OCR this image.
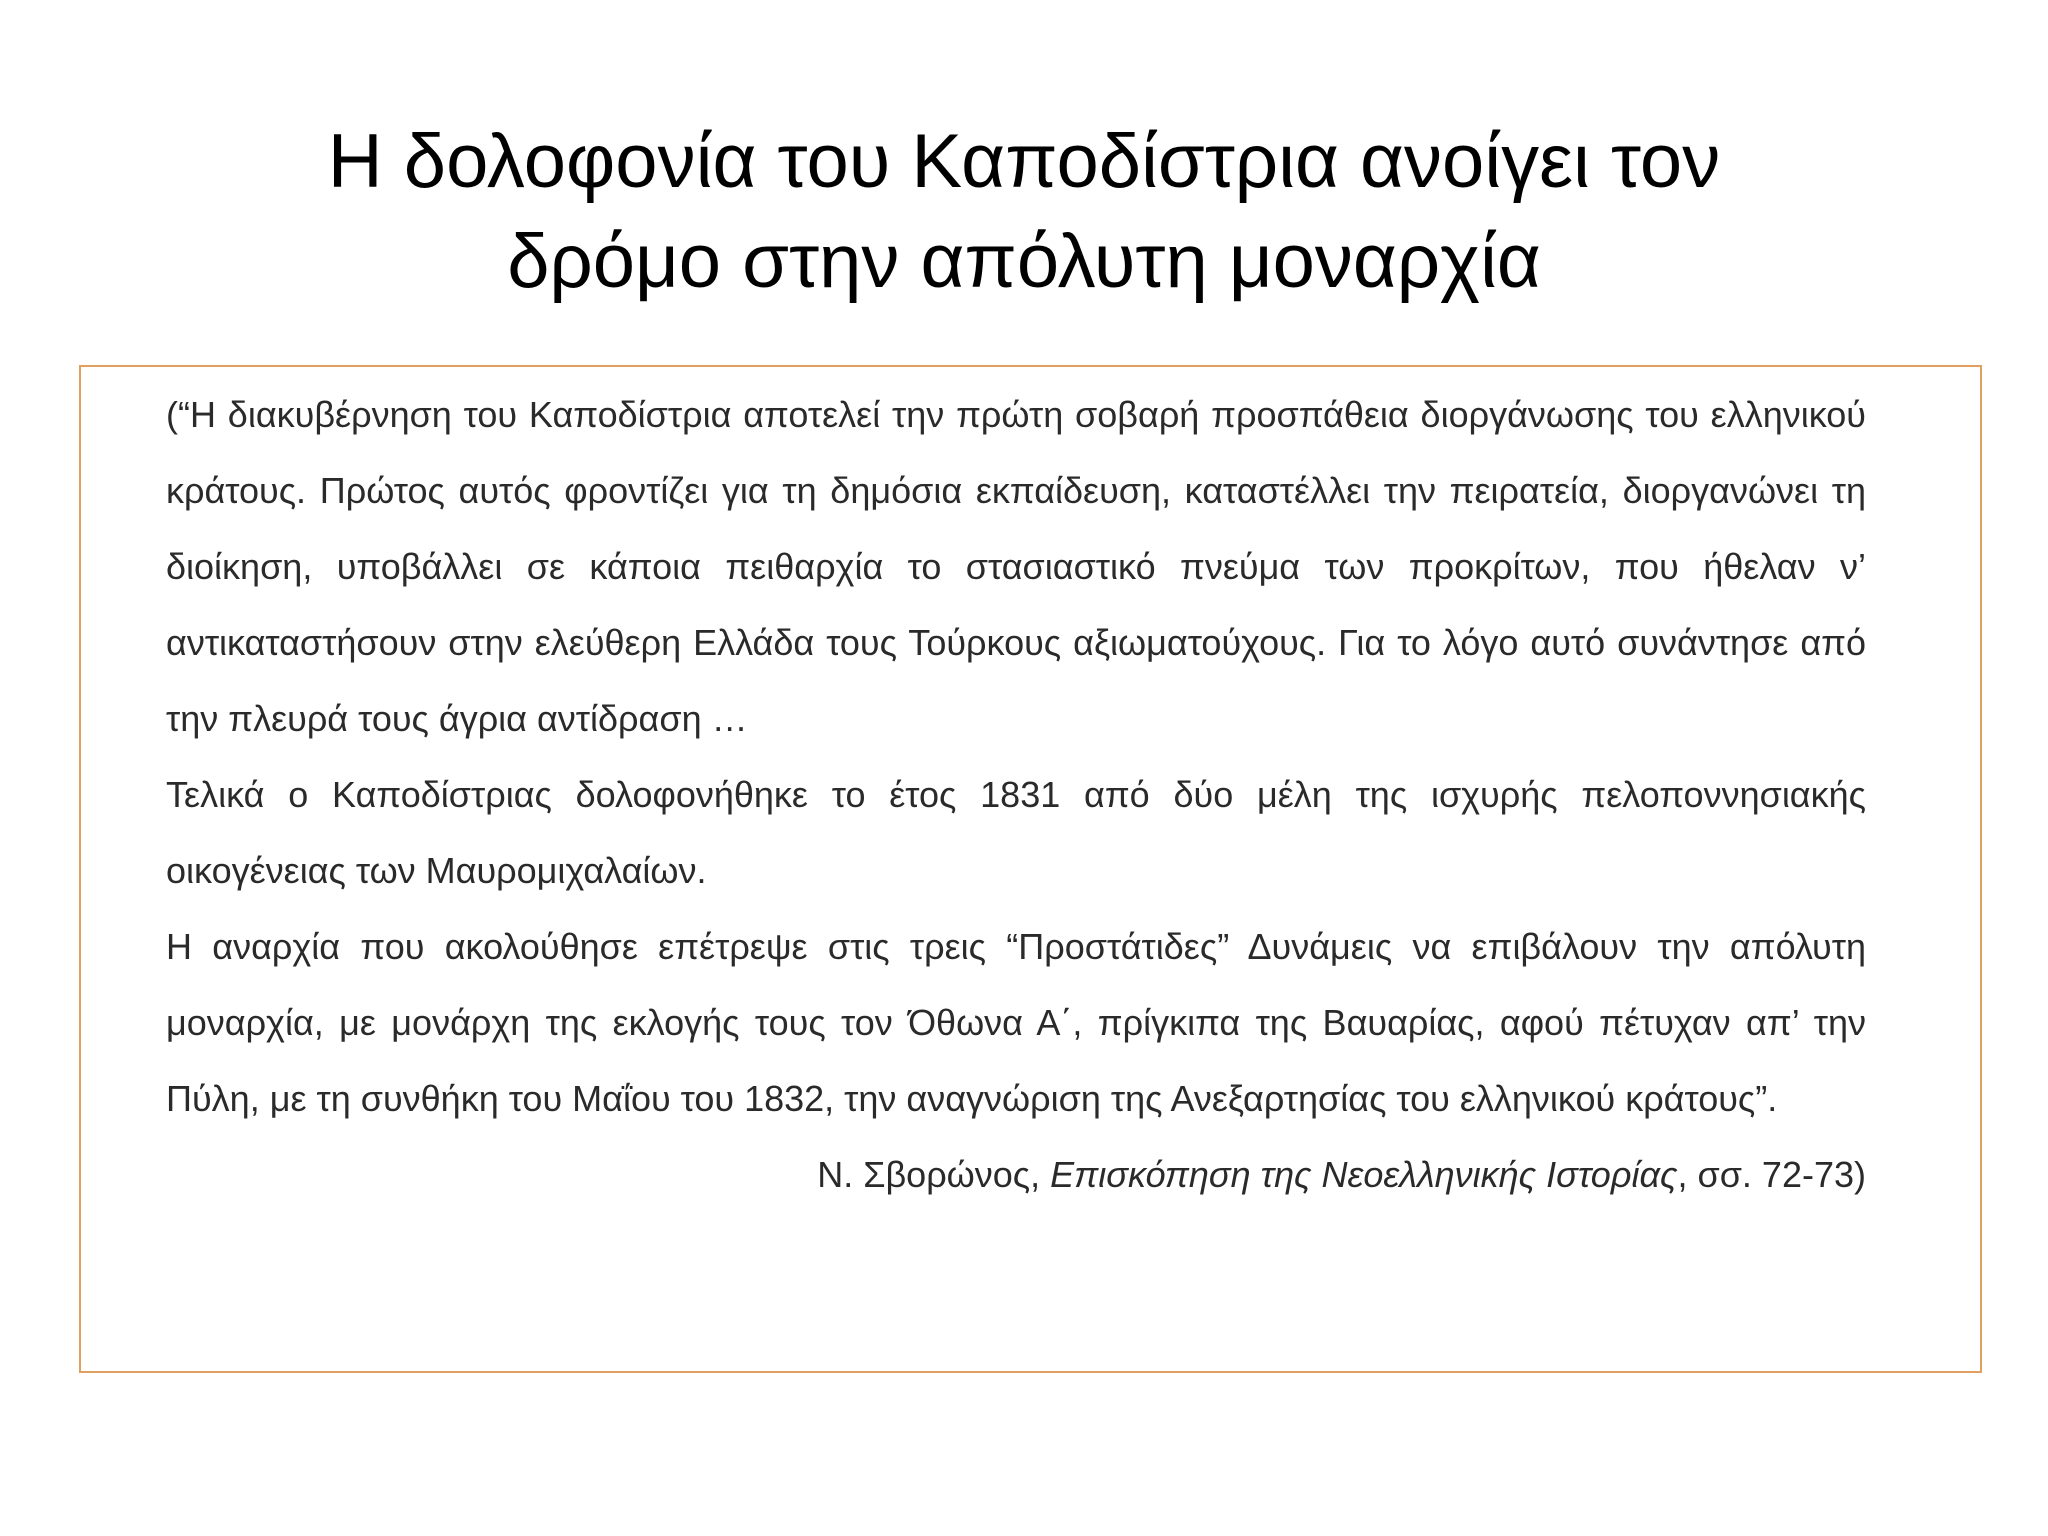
Η δολοφονία του Καποδίστρια ανοίγει τον
δρόμο στην απόλυτη μοναρχία

(“Η διακυβέρνηση του Καποδίστρια αποτελεί την πρώτη σοβαρή προσπάθεια διοργάνωσης του ελληνικού κράτους. Πρώτος αυτός φροντίζει για τη δημόσια εκπαίδευση, καταστέλλει την πειρατεία, διοργανώνει τη διοίκηση, υποβάλλει σε κάποια πειθαρχία το στασιαστικό πνεύμα των προκρίτων, που ήθελαν ν’ αντικαταστήσουν στην ελεύθερη Ελλάδα τους Τούρκους αξιωματούχους. Για το λόγο αυτό συνάντησε από την πλευρά τους άγρια αντίδραση …

Τελικά ο Καποδίστριας δολοφονήθηκε το έτος 1831 από δύο μέλη της ισχυρής πελοποννησιακής οικογένειας των Μαυρομιχαλαίων.

Η αναρχία που ακολούθησε επέτρεψε στις τρεις “Προστάτιδες” Δυνάμεις να επιβάλουν την απόλυτη μοναρχία, με μονάρχη της εκλογής τους τον Όθωνα Α΄, πρίγκιπα της Βαυαρίας, αφού πέτυχαν απ’ την Πύλη, με τη συνθήκη του Μαΐου του 1832, την αναγνώριση της Ανεξαρτησίας του ελληνικού κράτους”.

Ν. Σβορώνος, Επισκόπηση της Νεοελληνικής Ιστορίας, σσ. 72-73)
